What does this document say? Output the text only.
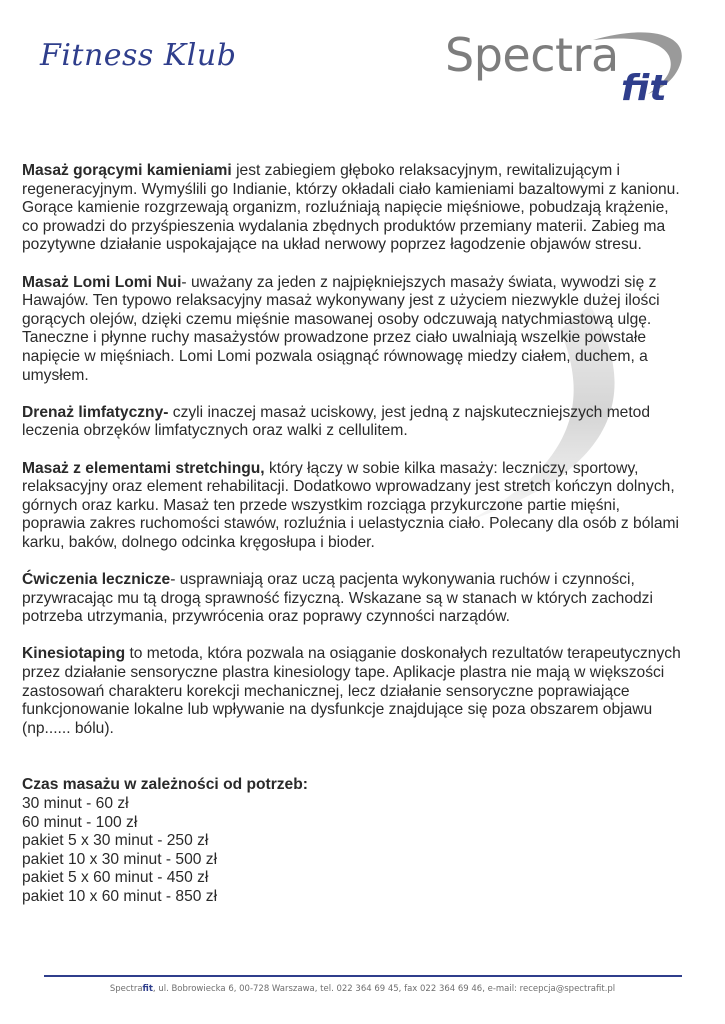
Fitness Klub	Spectra
fit

Masaż gorącymi kamieniami jest zabiegiem głęboko relaksacyjnym, rewitalizującym i regeneracyjnym. Wymyślili go Indianie, którzy okładali ciało kamieniami bazaltowymi z kanionu. Gorące kamienie rozgrzewają organizm, rozluźniają napięcie mięśniowe, pobudzają krążenie, co prowadzi do przyśpieszenia wydalania zbędnych produktów przemiany materii. Zabieg ma pozytywne działanie uspokajające na układ nerwowy poprzez łagodzenie objawów stresu.

Masaż Lomi Lomi Nui- uważany za jeden z najpiękniejszych masaży świata, wywodzi się z Hawajów. Ten typowo relaksacyjny masaż wykonywany jest z użyciem niezwykle dużej ilości gorących olejów, dzięki czemu mięśnie masowanej osoby odczuwają natychmiastową ulgę. Taneczne i płynne ruchy masażystów prowadzone przez ciało uwalniają wszelkie powstałe napięcie w mięśniach. Lomi Lomi pozwala osiągnąć równowagę miedzy ciałem, duchem, a umysłem.

Drenaż limfatyczny- czyli inaczej masaż uciskowy, jest jedną z najskuteczniejszych metod leczenia obrzęków limfatycznych oraz walki z cellulitem.

Masaż z elementami stretchingu, który łączy w sobie kilka masaży: leczniczy, sportowy, relaksacyjny oraz element rehabilitacji. Dodatkowo wprowadzany jest stretch kończyn dolnych, górnych oraz karku. Masaż ten przede wszystkim rozciąga przykurczone partie mięśni, poprawia zakres ruchomości stawów, rozluźnia i uelastycznia ciało. Polecany dla osób z bólami karku, baków, dolnego odcinka kręgosłupa i bioder.

Ćwiczenia lecznicze- usprawniają oraz uczą pacjenta wykonywania ruchów i czynności, przywracając mu tą drogą sprawność fizyczną. Wskazane są w stanach w których zachodzi potrzeba utrzymania, przywrócenia oraz poprawy czynności narządów.

Kinesiotaping to metoda, która pozwala na osiąganie doskonałych rezultatów terapeutycznych przez działanie sensoryczne plastra kinesiology tape. Aplikacje plastra nie mają w większości zastosowań charakteru korekcji mechanicznej, lecz działanie sensoryczne poprawiające funkcjonowanie lokalne lub wpływanie na dysfunkcje znajdujące się poza obszarem objawu (np...... bólu).

Czas masażu w zależności od potrzeb:
30 minut - 60 zł
60 minut - 100 zł
pakiet 5 x 30 minut - 250 zł
pakiet 10 x 30 minut - 500 zł
pakiet 5 x 60 minut - 450 zł
pakiet 10 x 60 minut - 850 zł
Spectrafit, ul. Bobrowiecka 6, 00-728 Warszawa, tel. 022 364 69 45, fax 022 364 69 46, e-mail: recepcja@spectrafit.pl
